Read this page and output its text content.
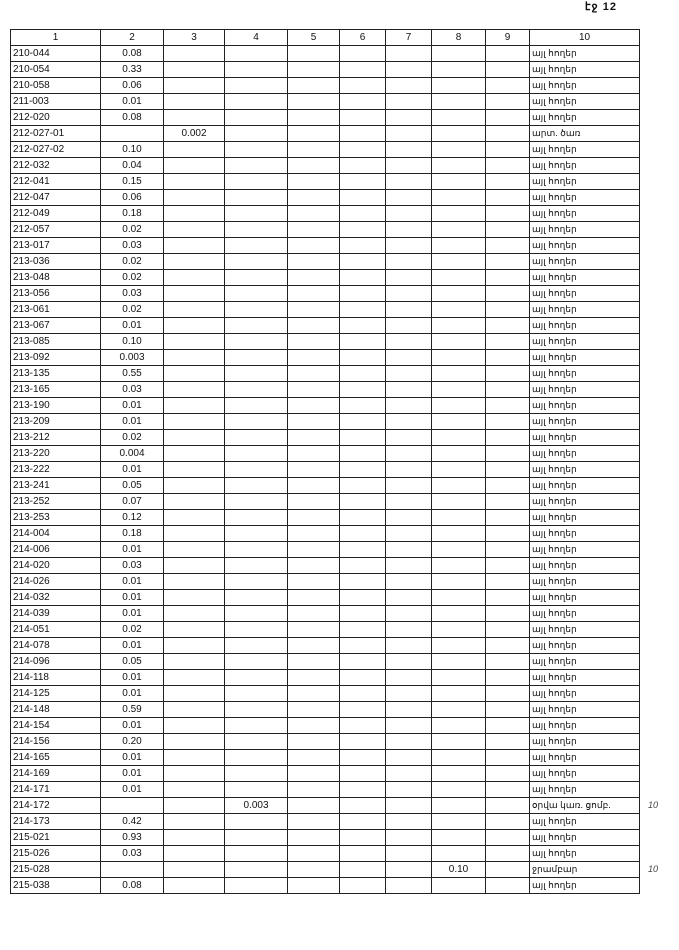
էջ 12
1	2	3	4	5	6	7	8	9	10
210-044	0.08								այլ հողեր
210-054	0.33								այլ հողեր
210-058	0.06								այլ հողեր
211-003	0.01								այլ հողեր
212-020	0.08								այլ հողեր
212-027-01		0.002							արտ. ծառ
212-027-02	0.10								այլ հողեր
212-032	0.04								այլ հողեր
212-041	0.15								այլ հողեր
212-047	0.06								այլ հողեր
212-049	0.18								այլ հողեր
212-057	0.02								այլ հողեր
213-017	0.03								այլ հողեր
213-036	0.02								այլ հողեր
213-048	0.02								այլ հողեր
213-056	0.03								այլ հողեր
213-061	0.02								այլ հողեր
213-067	0.01								այլ հողեր
213-085	0.10								այլ հողեր
213-092	0.003								այլ հողեր
213-135	0.55								այլ հողեր
213-165	0.03								այլ հողեր
213-190	0.01								այլ հողեր
213-209	0.01								այլ հողեր
213-212	0.02								այլ հողեր
213-220	0.004								այլ հողեր
213-222	0.01								այլ հողեր
213-241	0.05								այլ հողեր
213-252	0.07								այլ հողեր
213-253	0.12								այլ հողեր
214-004	0.18								այլ հողեր
214-006	0.01								այլ հողեր
214-020	0.03								այլ հողեր
214-026	0.01								այլ հողեր
214-032	0.01								այլ հողեր
214-039	0.01								այլ հողեր
214-051	0.02								այլ հողեր
214-078	0.01								այլ հողեր
214-096	0.05								այլ հողեր
214-118	0.01								այլ հողեր
214-125	0.01								այլ հողեր
214-148	0.59								այլ հողեր
214-154	0.01								այլ հողեր
214-156	0.20								այլ հողեր
214-165	0.01								այլ հողեր
214-169	0.01								այլ հողեր
214-171	0.01								այլ հողեր
214-172			0.003						օրվա կառ. ցոմբ.
214-173	0.42								այլ հողեր
215-021	0.93								այլ հողեր
215-026	0.03								այլ հողեր
215-028							0.10		ջրամբար
215-038	0.08								այլ հողեր
10
10
